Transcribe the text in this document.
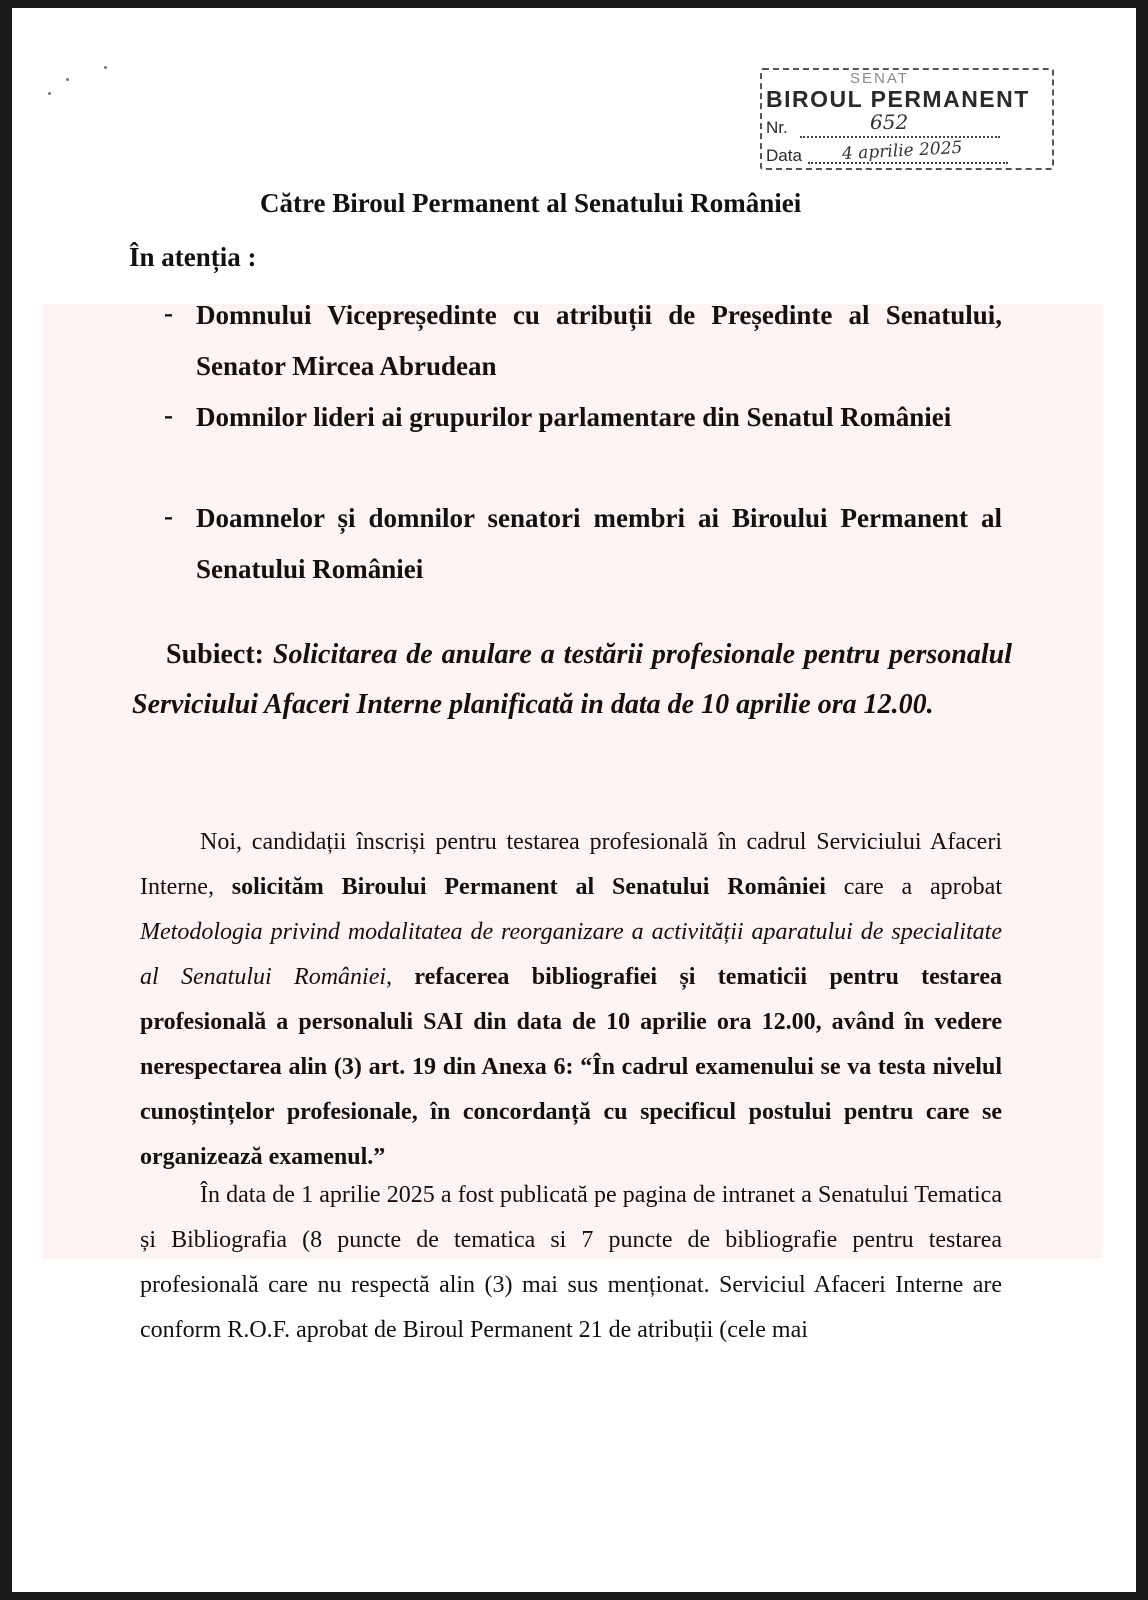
SENAT
BIROUL PERMANENT
Nr.	652
Data 4 aprilie 2025
Către Biroul Permanent al Senatului României
În atenția :
- Domnului Vicepreședinte cu atribuții de Președinte al Senatului, Senator Mircea Abrudean
- Domnilor lideri ai grupurilor parlamentare din Senatul României
- Doamnelor și domnilor senatori membri ai Biroului Permanent al Senatului României
Subiect: Solicitarea de anulare a testării profesionale pentru personalul Serviciului Afaceri Interne planificată in data de 10 aprilie ora 12.00.
Noi, candidații înscriși pentru testarea profesională în cadrul Serviciului Afaceri Interne, solicităm Biroului Permanent al Senatului României care a aprobat Metodologia privind modalitatea de reorganizare a activității aparatului de specialitate al Senatului României, refacerea bibliografiei și tematicii pentru testarea profesională a personaluli SAI din data de 10 aprilie ora 12.00, având în vedere nerespectarea alin (3) art. 19 din Anexa 6: “În cadrul examenului se va testa nivelul cunoștințelor profesionale, în concordanță cu specificul postului pentru care se organizează examenul.”
În data de 1 aprilie 2025 a fost publicată pe pagina de intranet a Senatului Tematica și Bibliografia (8 puncte de tematica si 7 puncte de bibliografie pentru testarea profesională care nu respectă alin (3) mai sus menționat. Serviciul Afaceri Interne are conform R.O.F. aprobat de Biroul Permanent 21 de atribuții (cele mai
